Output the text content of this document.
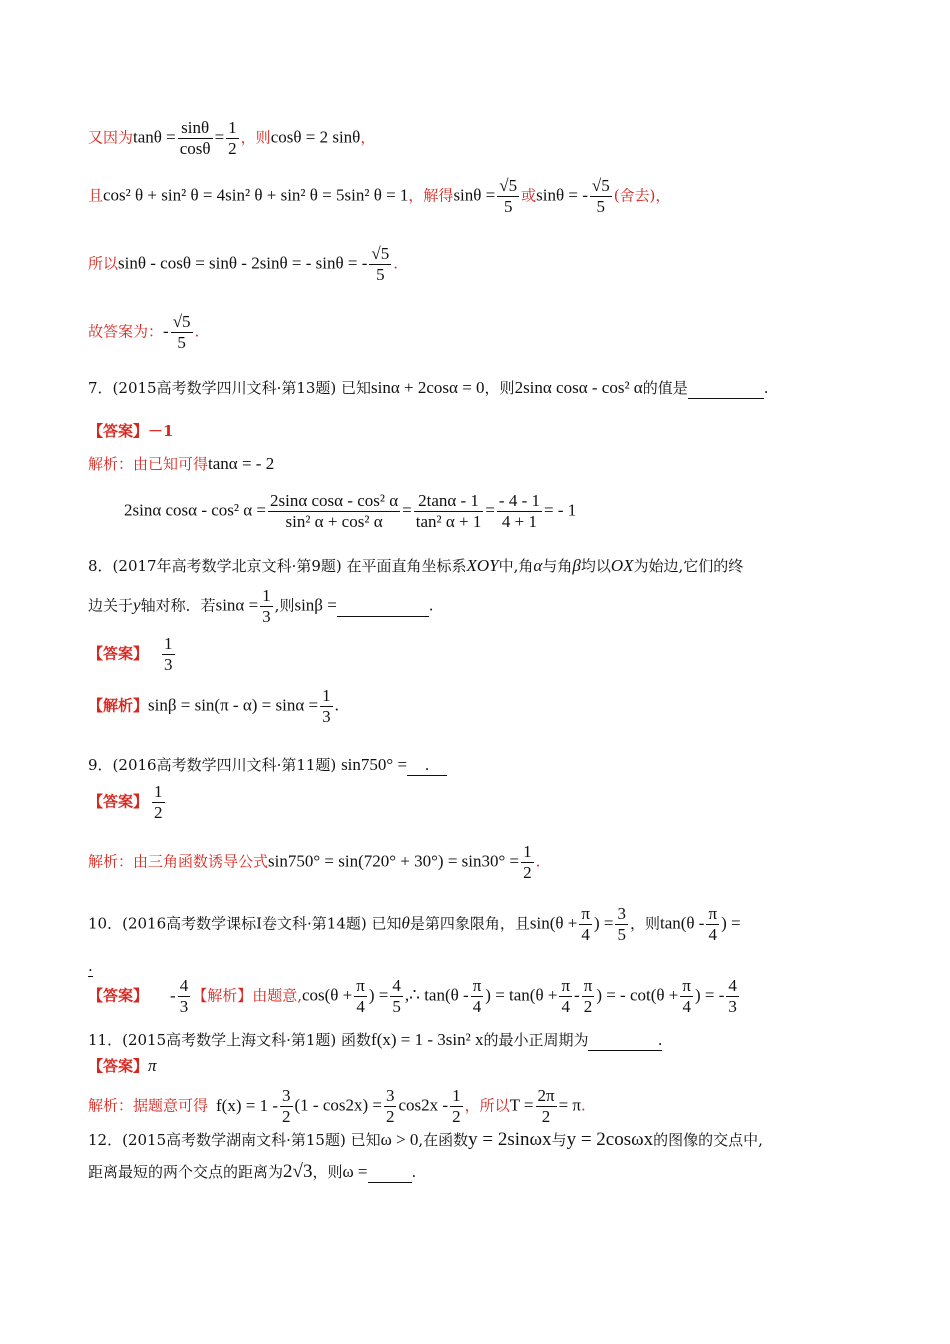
又因为$\tan\theta = \frac{\sin\theta}{\cos\theta} = \frac{1}{2}$ ，则cosθ = 2 sinθ，
且cos² θ + sin² θ = 4sin² θ + sin² θ = 5sin² θ = 1，解得$\sin\theta = \frac{√5}{5}$ 或sinθ = - $\frac{√5}{5}$ (舍去)，
所以sinθ - cosθ = sinθ - 2sinθ = - sinθ = - $\frac{√5}{5}$ .
故答案为：- $\frac{√5}{5}$ .
7．(2015高考数学四川文科·第13题) 已知sinα + 2cosα = 0，则2sinα cosα - cos² α的值是	.
【答案】－1
解析：由已知可得tanα = - 2
2sinα cosα - cos² $\alpha = \frac{\text{2sinα cosα - cos² α}}{\text{sin² α + cos² α}} = \frac{2\tan\alpha - 1}{\text{tan² α + 1}} = \frac{- 4 - 1}{4 + 1}$ = - 1
8．(2017年高考数学北京文科·第9题) 在平面直角坐标系XOY中,角α与角β均以OX为始边,它们的终
边关于y轴对称．若$\sin\alpha = \frac{1}{3}$ ,则sinβ =	.
【答案】 $\frac{1}{3}$
【解析】$\sin\beta = \sin(\pi - \alpha) = \sin\alpha = \frac{1}{3}$ .
9．(2016高考数学四川文科·第11题) sin750° = .
【答案】 $\frac{1}{2}$
解析：由三角函数诱导公式$\sin 750^\circ = \sin(720^\circ + 30^\circ) = \sin 30^\circ = \frac{1}{2}$ .
10．(2016高考数学课标Ⅰ卷文科·第14题) 已知θ是第四象限角，且$\sin(\theta + \frac{\pi}{4}$ ) = $\frac{3}{5}$ ，则$\tan(\theta - \frac{\pi}{4}$ ) =
.
【答案】 - $\frac{4}{3}$ 【解析】由题意$,\cos(\theta + \frac{\pi}{4}$ ) = $\frac{4}{5}$ ,∴ $\tan(\theta - \frac{\pi}{4}$ ) = $\tan(\theta + \frac{\pi}{4} - \frac{\pi}{2}$ ) = - $\cot(\theta + \frac{\pi}{4}$ ) = - $\frac{4}{3}$
11．(2015高考数学上海文科·第1题) 函数f(x) = 1 - 3sin² x的最小正周期为	.
【答案】π
解析：据题意可得 $f(x) = 1 - \frac{3}{2} (1 - \cos 2x) = \frac{3}{2} \cos 2x - \frac{1}{2}$ ，所以$T = \frac{2\pi}{2} = \pi$.
12．(2015高考数学湖南文科·第15题) 已知ω > 0,在函数y = 2sinωx与y = 2cosωx的图像的交点中,
距离最短的两个交点的距离为2√3，则ω =	.
